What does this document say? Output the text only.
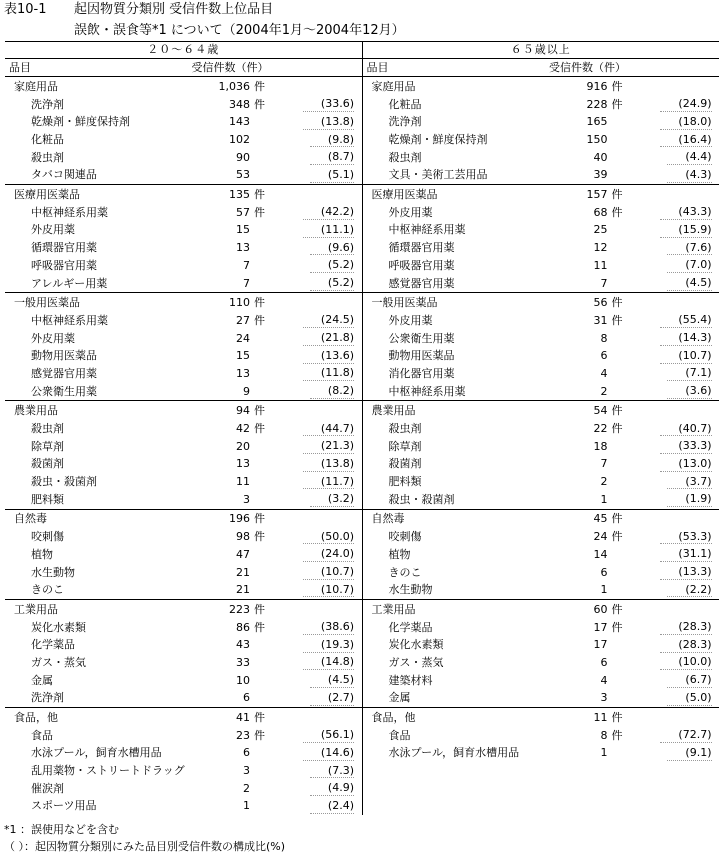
表10-1 起因物質分類別 受信件数上位品目
誤飲・誤食等*1 について（2004年1月～2004年12月）
２０～６４歳	６５歳以上
品目	受信件数（件）
家庭用品	1,036 件
洗浄剤	348 件	(33.6)
乾燥剤・鮮度保持剤	143	(13.8)
化粧品	102	(9.8)
殺虫剤	90	(8.7)
タバコ関連品	53	(5.1)
医療用医薬品	135 件
中枢神経系用薬	57 件	(42.2)
外皮用薬	15	(11.1)
循環器官用薬	13	(9.6)
呼吸器官用薬	7	(5.2)
アレルギー用薬	7	(5.2)
一般用医薬品	110 件
中枢神経系用薬	27 件	(24.5)
外皮用薬	24	(21.8)
動物用医薬品	15	(13.6)
感覚器官用薬	13	(11.8)
公衆衛生用薬	9	(8.2)
農業用品	94 件
殺虫剤	42 件	(44.7)
除草剤	20	(21.3)
殺菌剤	13	(13.8)
殺虫・殺菌剤	11	(11.7)
肥料類	3	(3.2)
自然毒	196 件
咬刺傷	98 件	(50.0)
植物	47	(24.0)
水生動物	21	(10.7)
きのこ	21	(10.7)
工業用品	223 件
炭化水素類	86 件	(38.6)
化学薬品	43	(19.3)
ガス・蒸気	33	(14.8)
金属	10	(4.5)
洗浄剤	6	(2.7)
食品，他	41 件
食品	23 件	(56.1)
水泳プール，飼育水槽用品	6	(14.6)
乱用薬物・ストリートドラッグ	3	(7.3)
催涙剤	2	(4.9)
スポーツ用品	1	(2.4)
品目	受信件数（件）
家庭用品	916 件
化粧品	228 件	(24.9)
洗浄剤	165	(18.0)
乾燥剤・鮮度保持剤	150	(16.4)
殺虫剤	40	(4.4)
文具・美術工芸用品	39	(4.3)
医療用医薬品	157 件
外皮用薬	68 件	(43.3)
中枢神経系用薬	25	(15.9)
循環器官用薬	12	(7.6)
呼吸器官用薬	11	(7.0)
感覚器官用薬	7	(4.5)
一般用医薬品	56 件
外皮用薬	31 件	(55.4)
公衆衛生用薬	8	(14.3)
動物用医薬品	6	(10.7)
消化器官用薬	4	(7.1)
中枢神経系用薬	2	(3.6)
農業用品	54 件
殺虫剤	22 件	(40.7)
除草剤	18	(33.3)
殺菌剤	7	(13.0)
肥料類	2	(3.7)
殺虫・殺菌剤	1	(1.9)
自然毒	45 件
咬刺傷	24 件	(53.3)
植物	14	(31.1)
きのこ	6	(13.3)
水生動物	1	(2.2)
工業用品	60 件
化学薬品	17 件	(28.3)
炭化水素類	17	(28.3)
ガス・蒸気	6	(10.0)
建築材料	4	(6.7)
金属	3	(5.0)
食品，他	11 件
食品	8 件	(72.7)
水泳プール，飼育水槽用品	1	(9.1)
*1 ：誤使用などを含む
（ ）：起因物質分類別にみた品目別受信件数の構成比(%)
